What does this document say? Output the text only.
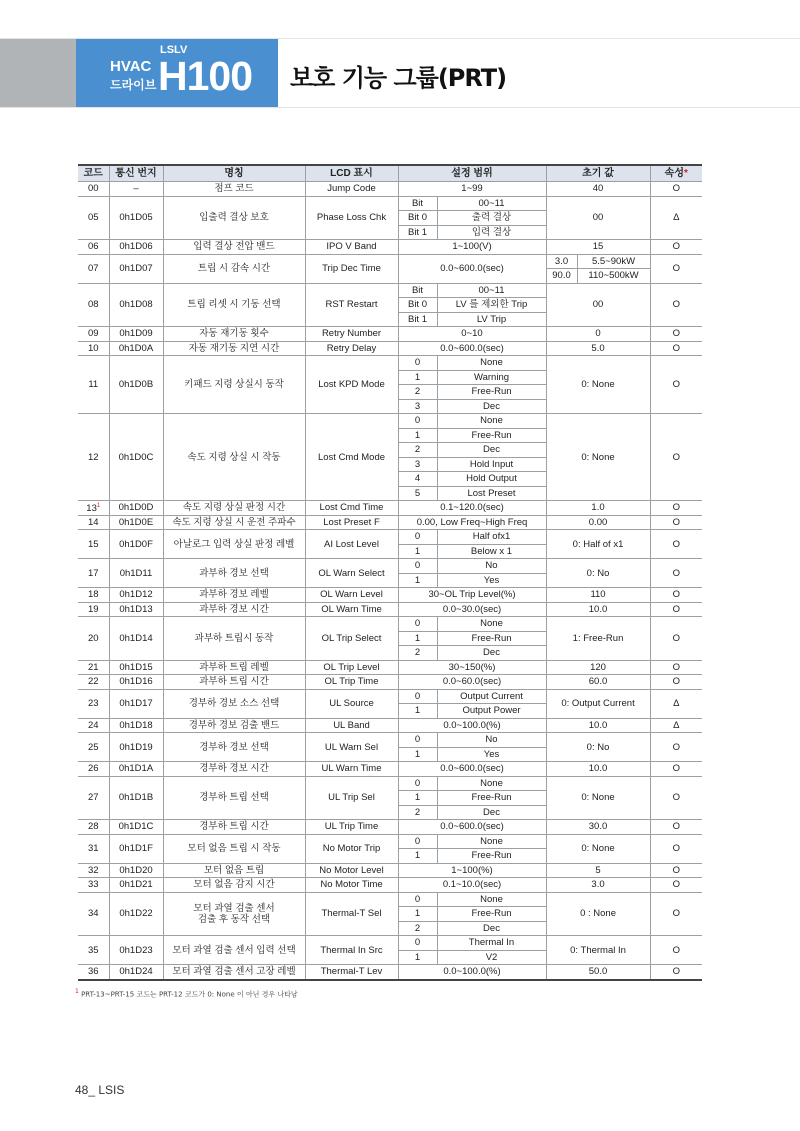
HVAC
드라이브
LSLV
H100 보호 기능 그룹(PRT)
코드	통신 번지	명칭	LCD 표시	설정 범위		초기 값		속성*
00	–	점프 코드	Jump Code	1~99		40		O
05	0h1D05	입출력 결상 보호	Phase Loss Chk	Bit	00~11	00		Δ
				Bit 0	출력 결상			
				Bit 1	입력 결상			
06	0h1D06	입력 결상 전압 밴드	IPO V Band	1~100(V)		15		O
07	0h1D07	트립 시 감속 시간	Trip Dec Time	0.0~600.0(sec)		3.0	5.5~90kW	O
						90.0	110~500kW	
08	0h1D08	트립 리셋 시 기동 선택	RST Restart	Bit	00~11	00		O
				Bit 0	LV 를 제외한 Trip			
				Bit 1	LV Trip			
09	0h1D09	자동 재기동 횟수	Retry Number	0~10		0		O
10	0h1D0A	자동 재기동 지연 시간	Retry Delay	0.0~600.0(sec)		5.0		O
11	0h1D0B	키패드 지령 상실시 동작	Lost KPD Mode	0	None	0: None		O
				1	Warning			
				2	Free-Run			
				3	Dec			
12	0h1D0C	속도 지령 상실 시 작동	Lost Cmd Mode	0	None	0: None		O
				1	Free-Run			
				2	Dec			
				3	Hold Input			
				4	Hold Output			
				5	Lost Preset			
$13^1$	0h1D0D	속도 지령 상실 판정 시간	Lost Cmd Time	0.1~120.0(sec)		1.0		O
14	0h1D0E	속도 지령 상실 시 운전 주파수	Lost Preset F	0.00, Low Freq~High Freq		0.00		O
15	0h1D0F	아날로그 입력 상실 판정 레벨	AI Lost Level	0	Half ofx1	0: Half of x1		O
				1	Below x 1			
17	0h1D11	과부하 경보 선택	OL Warn Select	0	No	0: No		O
				1	Yes			
18	0h1D12	과부하 경보 레벨	OL Warn Level	30~OL Trip Level(%)		110		O
19	0h1D13	과부하 경보 시간	OL Warn Time	0.0~30.0(sec)		10.0		O
20	0h1D14	과부하 트립시 동작	OL Trip Select	0	None	1: Free-Run		O
				1	Free-Run			
				2	Dec			
21	0h1D15	과부하 트립 레벨	OL Trip Level	30~150(%)		120		O
22	0h1D16	과부하 트립 시간	OL Trip Time	0.0~60.0(sec)		60.0		O
23	0h1D17	경부하 경보 소스 선택	UL Source	0	Output Current	0: Output Current		Δ
				1	Output Power			
24	0h1D18	경부하 경보 검출 밴드	UL Band	0.0~100.0(%)		10.0		Δ
25	0h1D19	경부하 경보 선택	UL Warn Sel	0	No	0: No		O
				1	Yes			
26	0h1D1A	경부하 경보 시간	UL Warn Time	0.0~600.0(sec)		10.0		O
27	0h1D1B	경부하 트립 선택	UL Trip Sel	0	None	0: None		O
				1	Free-Run			
				2	Dec			
28	0h1D1C	경부하 트립 시간	UL Trip Time	0.0~600.0(sec)		30.0		O
31	0h1D1F	모터 없음 트립 시 작동	No Motor Trip	0	None	0: None		O
				1	Free-Run			
32	0h1D20	모터 없음 트립	No Motor Level	1~100(%)		5		O
33	0h1D21	모터 없음 감지 시간	No Motor Time	0.1~10.0(sec)		3.0		O
34	0h1D22	모터 과열 검출 센서
검출 후 동작 선택	Thermal-T Sel	0	None	0 : None		O
				1	Free-Run			
				2	Dec			
35	0h1D23	모터 과열 검출 센서 입력 선택	Thermal In Src	0	Thermal In	0: Thermal In		O
				1	V2			
36	0h1D24	모터 과열 검출 센서 고장 레벨	Thermal-T Lev	0.0~100.0(%)		50.0		O
$^1$ PRT-13~PRT-15 코드는 PRT-12 코드가 0: None 이 아닌 경우 나타남
48_ LSIS
